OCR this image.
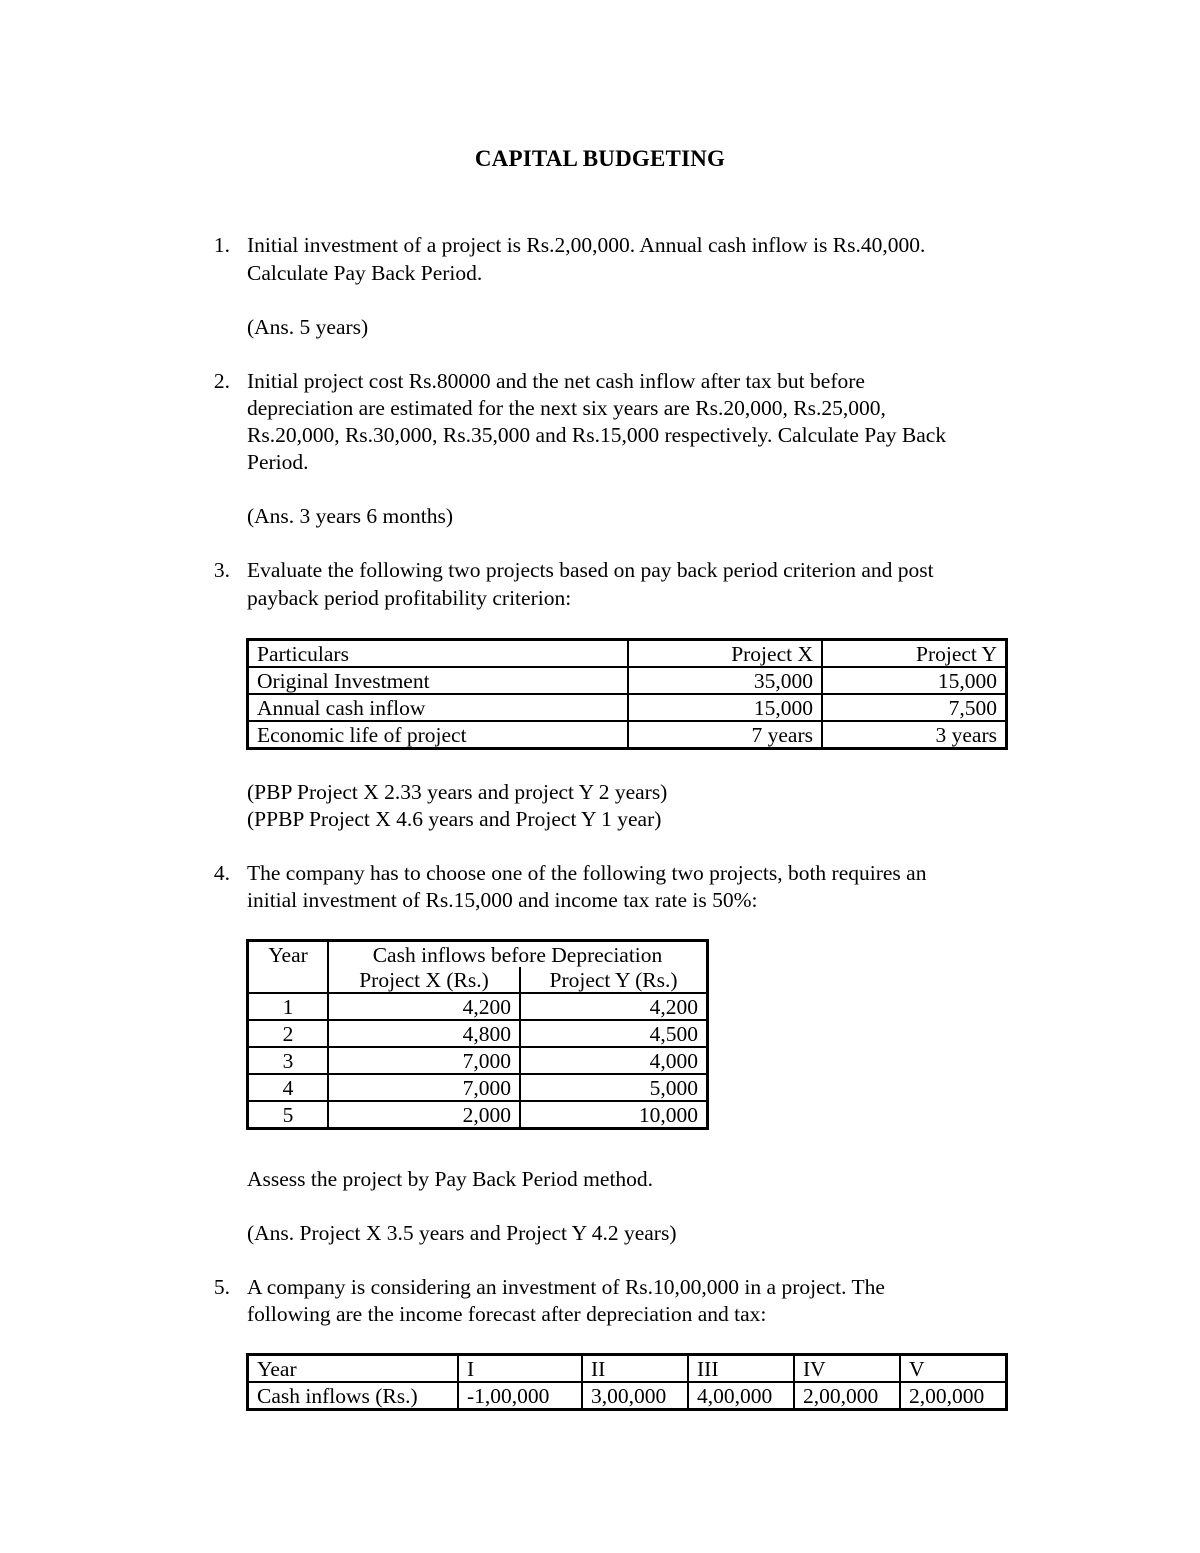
CAPITAL BUDGETING
1. Initial investment of a project is Rs.2,00,000. Annual cash inflow is Rs.40,000.
Calculate Pay Back Period.
(Ans. 5 years)
2. Initial project cost Rs.80000 and the net cash inflow after tax but before
depreciation are estimated for the next six years are Rs.20,000, Rs.25,000,
Rs.20,000, Rs.30,000, Rs.35,000 and Rs.15,000 respectively. Calculate Pay Back
Period.
(Ans. 3 years 6 months)
3. Evaluate the following two projects based on pay back period criterion and post
payback period profitability criterion:
Particulars	Project X	Project Y
Original Investment	35,000	15,000
Annual cash inflow	15,000	7,500
Economic life of project	7 years	3 years
(PBP Project X 2.33 years and project Y 2 years)
(PPBP Project X 4.6 years and Project Y 1 year)
4. The company has to choose one of the following two projects, both requires an
initial investment of Rs.15,000 and income tax rate is 50%:
Year	Cash inflows before Depreciation	
	Project X (Rs.)	Project Y (Rs.)
1	4,200	4,200
2	4,800	4,500
3	7,000	4,000
4	7,000	5,000
5	2,000	10,000
Assess the project by Pay Back Period method.
(Ans. Project X 3.5 years and Project Y 4.2 years)
5. A company is considering an investment of Rs.10,00,000 in a project. The
following are the income forecast after depreciation and tax:
Year	I	II	III	IV	V
Cash inflows (Rs.)	-1,00,000	3,00,000	4,00,000	2,00,000	2,00,000
